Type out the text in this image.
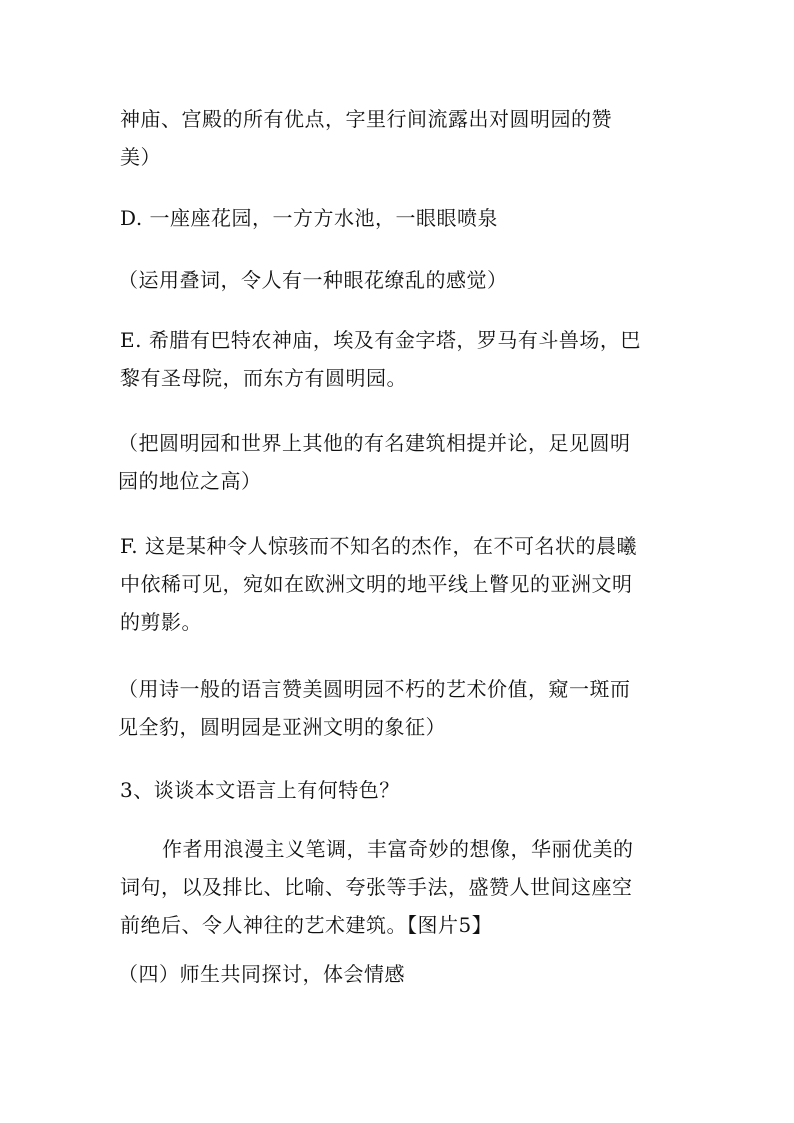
神庙、宫殿的所有优点，字里行间流露出对圆明园的赞
美）
D. 一座座花园，一方方水池，一眼眼喷泉
（运用叠词，令人有一种眼花缭乱的感觉）
E. 希腊有巴特农神庙，埃及有金字塔，罗马有斗兽场，巴
黎有圣母院，而东方有圆明园。
（把圆明园和世界上其他的有名建筑相提并论，足见圆明
园的地位之高）
F. 这是某种令人惊骇而不知名的杰作，在不可名状的晨曦
中依稀可见，宛如在欧洲文明的地平线上瞥见的亚洲文明
的剪影。
（用诗一般的语言赞美圆明园不朽的艺术价值，窥一斑而
见全豹，圆明园是亚洲文明的象征）
3、谈谈本文语言上有何特色？
作者用浪漫主义笔调，丰富奇妙的想像，华丽优美的
词句，以及排比、比喻、夸张等手法，盛赞人世间这座空
前绝后、令人神往的艺术建筑。【图片5】
（四）师生共同探讨，体会情感
